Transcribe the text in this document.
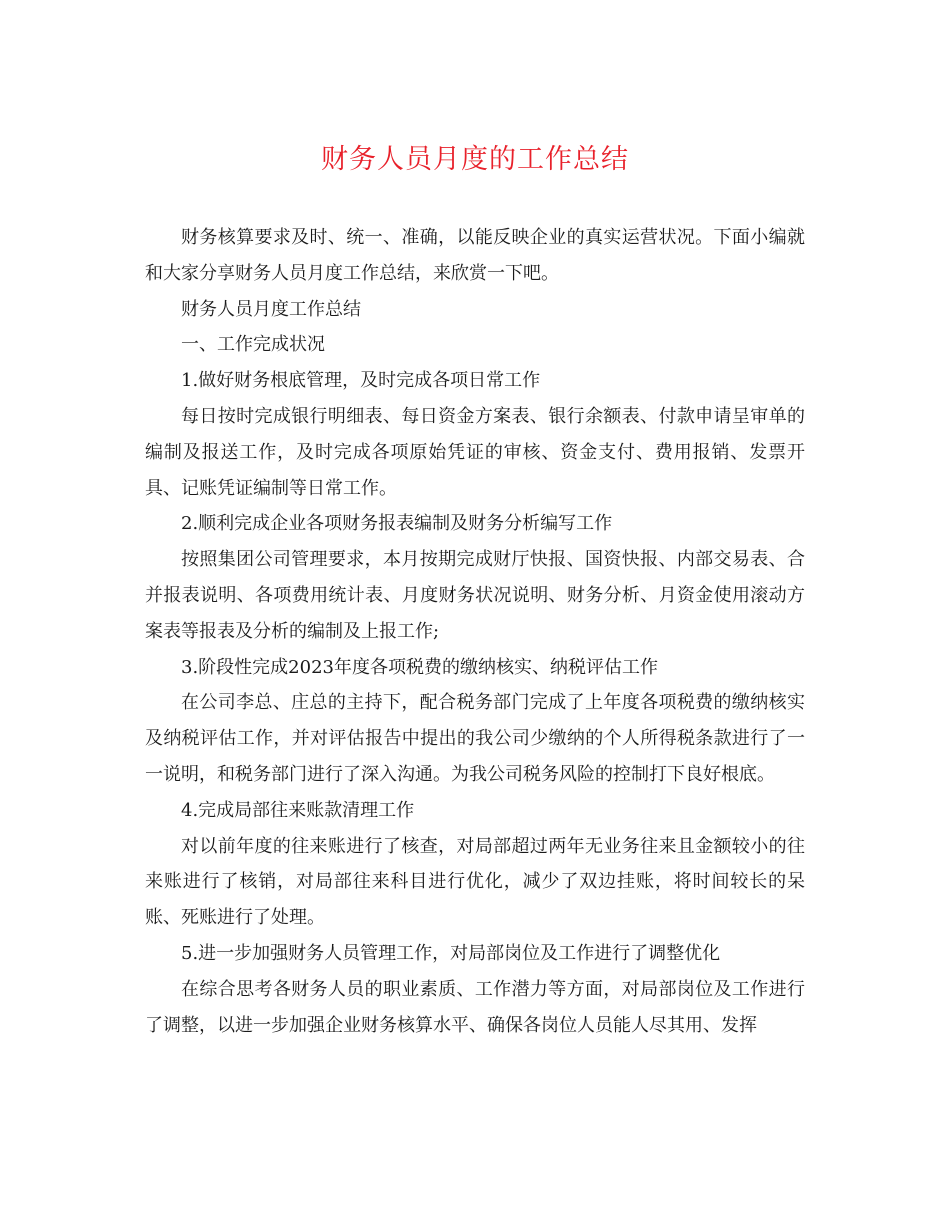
财务人员月度的工作总结

财务核算要求及时、统一、准确，以能反映企业的真实运营状况。下面小编就和大家分享财务人员月度工作总结，来欣赏一下吧。

财务人员月度工作总结

一、工作完成状况

1.做好财务根底管理，及时完成各项日常工作

每日按时完成银行明细表、每日资金方案表、银行余额表、付款申请呈审单的编制及报送工作，及时完成各项原始凭证的审核、资金支付、费用报销、发票开具、记账凭证编制等日常工作。

2.顺利完成企业各项财务报表编制及财务分析编写工作

按照集团公司管理要求，本月按期完成财厅快报、国资快报、内部交易表、合并报表说明、各项费用统计表、月度财务状况说明、财务分析、月资金使用滚动方案表等报表及分析的编制及上报工作;

3.阶段性完成2023年度各项税费的缴纳核实、纳税评估工作

在公司李总、庄总的主持下，配合税务部门完成了上年度各项税费的缴纳核实及纳税评估工作，并对评估报告中提出的我公司少缴纳的个人所得税条款进行了一一说明，和税务部门进行了深入沟通。为我公司税务风险的控制打下良好根底。

4.完成局部往来账款清理工作

对以前年度的往来账进行了核查，对局部超过两年无业务往来且金额较小的往来账进行了核销，对局部往来科目进行优化，减少了双边挂账，将时间较长的呆账、死账进行了处理。

5.进一步加强财务人员管理工作，对局部岗位及工作进行了调整优化

在综合思考各财务人员的职业素质、工作潜力等方面，对局部岗位及工作进行了调整，以进一步加强企业财务核算水平、确保各岗位人员能人尽其用、发挥
